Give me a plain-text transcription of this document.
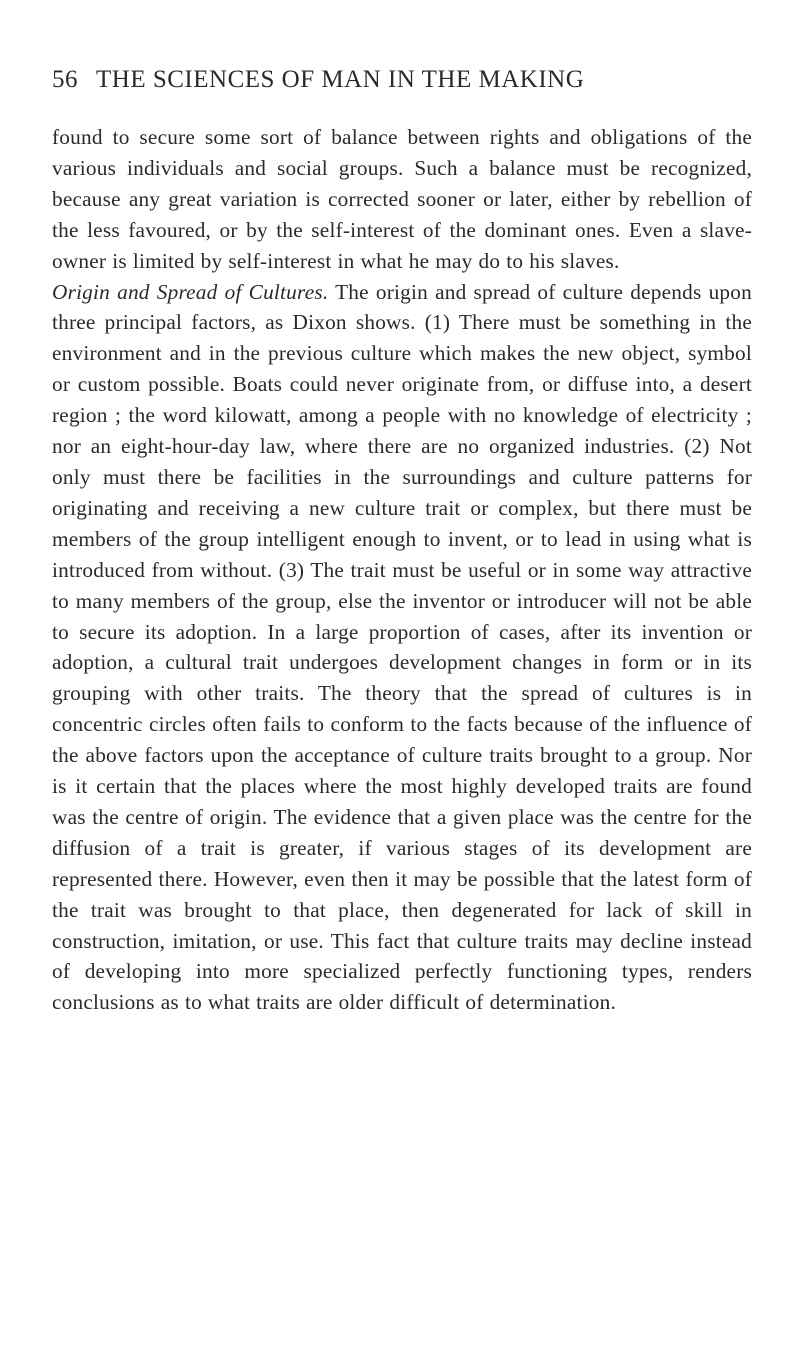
56 THE SCIENCES OF MAN IN THE MAKING

found to secure some sort of balance between rights and obligations of the various individuals and social groups. Such a balance must be recognized, because any great variation is corrected sooner or later, either by rebellion of the less favoured, or by the self-interest of the dominant ones. Even a slave-owner is limited by self-interest in what he may do to his slaves.

Origin and Spread of Cultures. The origin and spread of culture depends upon three principal factors, as Dixon shows. (1) There must be something in the environment and in the previous culture which makes the new object, symbol or custom possible. Boats could never originate from, or diffuse into, a desert region ; the word kilowatt, among a people with no knowledge of electricity ; nor an eight-hour-day law, where there are no organized industries. (2) Not only must there be facilities in the surroundings and culture patterns for originating and receiving a new culture trait or complex, but there must be members of the group intelligent enough to invent, or to lead in using what is introduced from without. (3) The trait must be useful or in some way attractive to many members of the group, else the inventor or introducer will not be able to secure its adoption. In a large proportion of cases, after its invention or adoption, a cultural trait undergoes development changes in form or in its grouping with other traits. The theory that the spread of cultures is in concentric circles often fails to conform to the facts because of the influence of the above factors upon the acceptance of culture traits brought to a group. Nor is it certain that the places where the most highly developed traits are found was the centre of origin. The evidence that a given place was the centre for the diffusion of a trait is greater, if various stages of its development are represented there. However, even then it may be possible that the latest form of the trait was brought to that place, then degenerated for lack of skill in construction, imitation, or use. This fact that culture traits may decline instead of developing into more specialized perfectly functioning types, renders conclusions as to what traits are older difficult of determination.
